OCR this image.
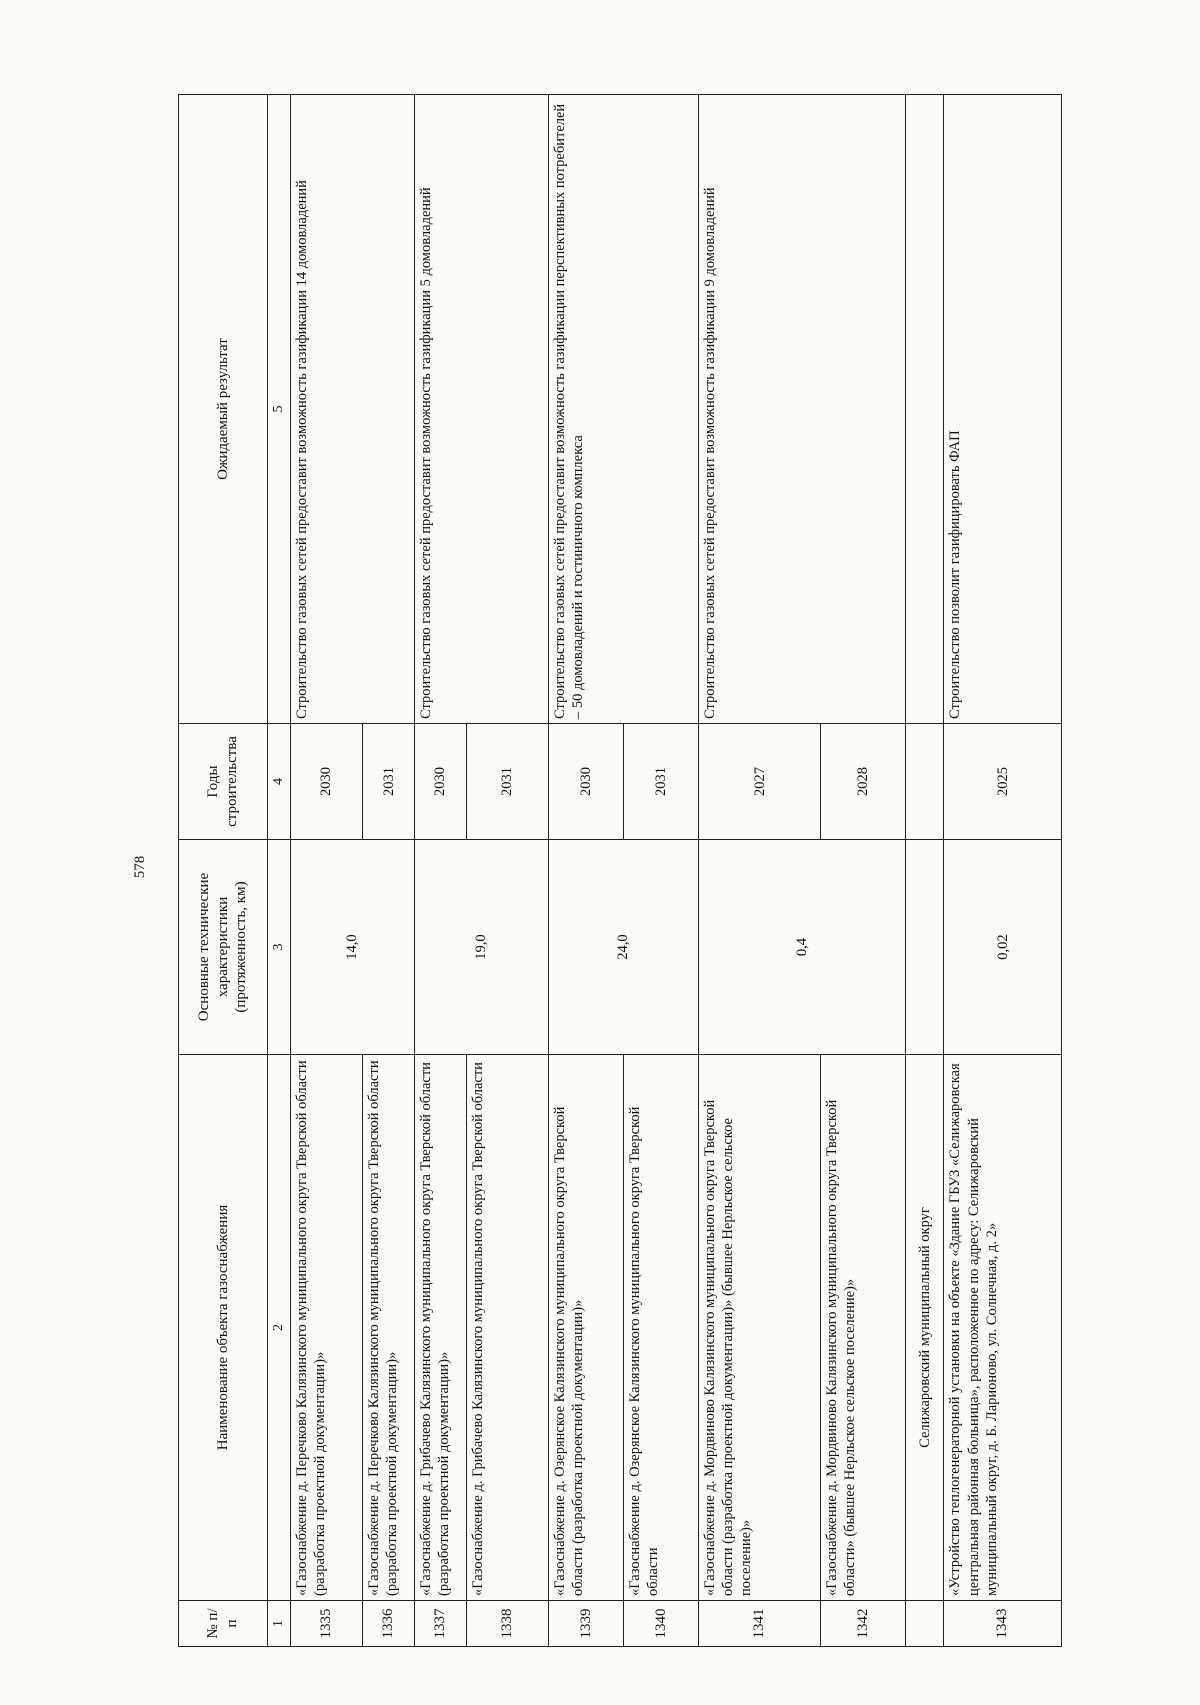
578
№ п/п	Наименование объекта газоснабжения	Основные технические характеристики (протяженность, км)	Годы строительства	Ожидаемый результат
1	2	3	4	5
1335	«Газоснабжение д. Перечково Калязинского муниципального округа Тверской области (разработка проектной документации)»	14,0	2030	Строительство газовых сетей предоставит возможность газификации 14 домовладений
1336	«Газоснабжение д. Перечково Калязинского муниципального округа Тверской области (разработка проектной документации)»		2031	
1337	«Газоснабжение д. Грибачево Калязинского муниципального округа Тверской области (разработка проектной документации)»	19,0	2030	Строительство газовых сетей предоставит возможность газификации 5 домовладений
1338	«Газоснабжение д. Грибачево Калязинского муниципального округа Тверской области		2031	
1339	«Газоснабжение д. Озерянское Калязинского муниципального округа Тверской области (разработка проектной документации)»	24,0	2030	Строительство газовых сетей предоставит возможность газификации перспективных потребителей – 50 домовладений и гостиничного комплекса
1340	«Газоснабжение д. Озерянское Калязинского муниципального округа Тверской области		2031	
1341	«Газоснабжение д. Мордвиново Калязинского муниципального округа Тверской области (разработка проектной документации)» (бывшее Нерльское сельское поселение)»	0,4	2027	Строительство газовых сетей предоставит возможность газификации 9 домовладений
1342	«Газоснабжение д. Мордвиново Калязинского муниципального округа Тверской области» (бывшее Нерльское сельское поселение)»		2028	
	Селижаровский муниципальный округ			
1343	«Устройство теплогенераторной установки на объекте «Здание ГБУЗ «Селижаровская центральная районная больница», расположенное по адресу: Селижаровский муниципальный округ, д. Б. Ларионово, ул. Солнечная, д. 2»	0,02	2025	Строительство позволит газифицировать ФАП
